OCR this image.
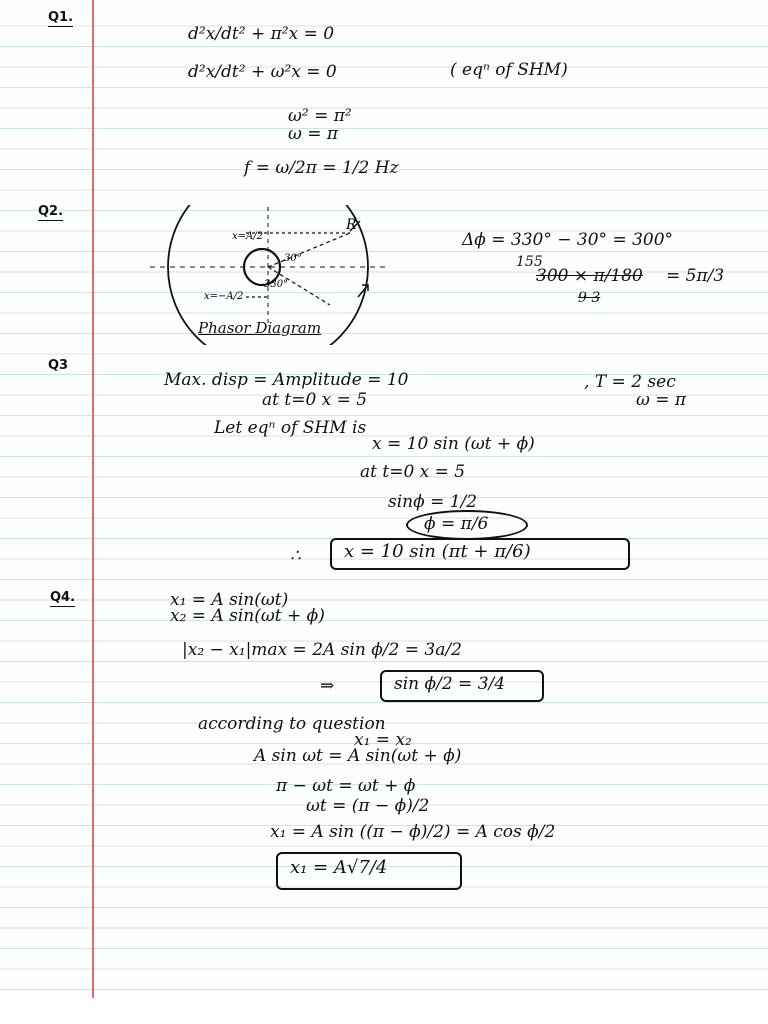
Q1.
d²x/dt² + π²x = 0
d²x/dt² + ω²x = 0	( eqⁿ of SHM)
ω² = π²
ω = π
f = ω/2π = 1/2 Hz
Q2.
x=A/2
x=−A/2
R
30°
330°
Phasor Diagram
Δϕ = 330° − 30° = 300°
155
300 × π/180 = 5π/3
9 3
Q3
Max. disp = Amplitude = 10	, T = 2 sec
at t=0 x = 5	ω = π
Let eqⁿ of SHM is
x = 10 sin (ωt + ϕ)
at t=0 x = 5
sinϕ = 1/2
ϕ = π/6
∴ x = 10 sin (πt + π/6)
Q4.	x₁ = A sin(ωt)
x₂ = A sin(ωt + ϕ)
|x₂ − x₁|max = 2A sin ϕ/2 = 3a/2
⇒	sin ϕ/2 = 3/4
according to question
x₁ = x₂
A sin ωt = A sin(ωt + ϕ)
π − ωt = ωt + ϕ
ωt = (π − ϕ)/2
x₁ = A sin ((π − ϕ)/2) = A cos ϕ/2
x₁ = A√7/4
